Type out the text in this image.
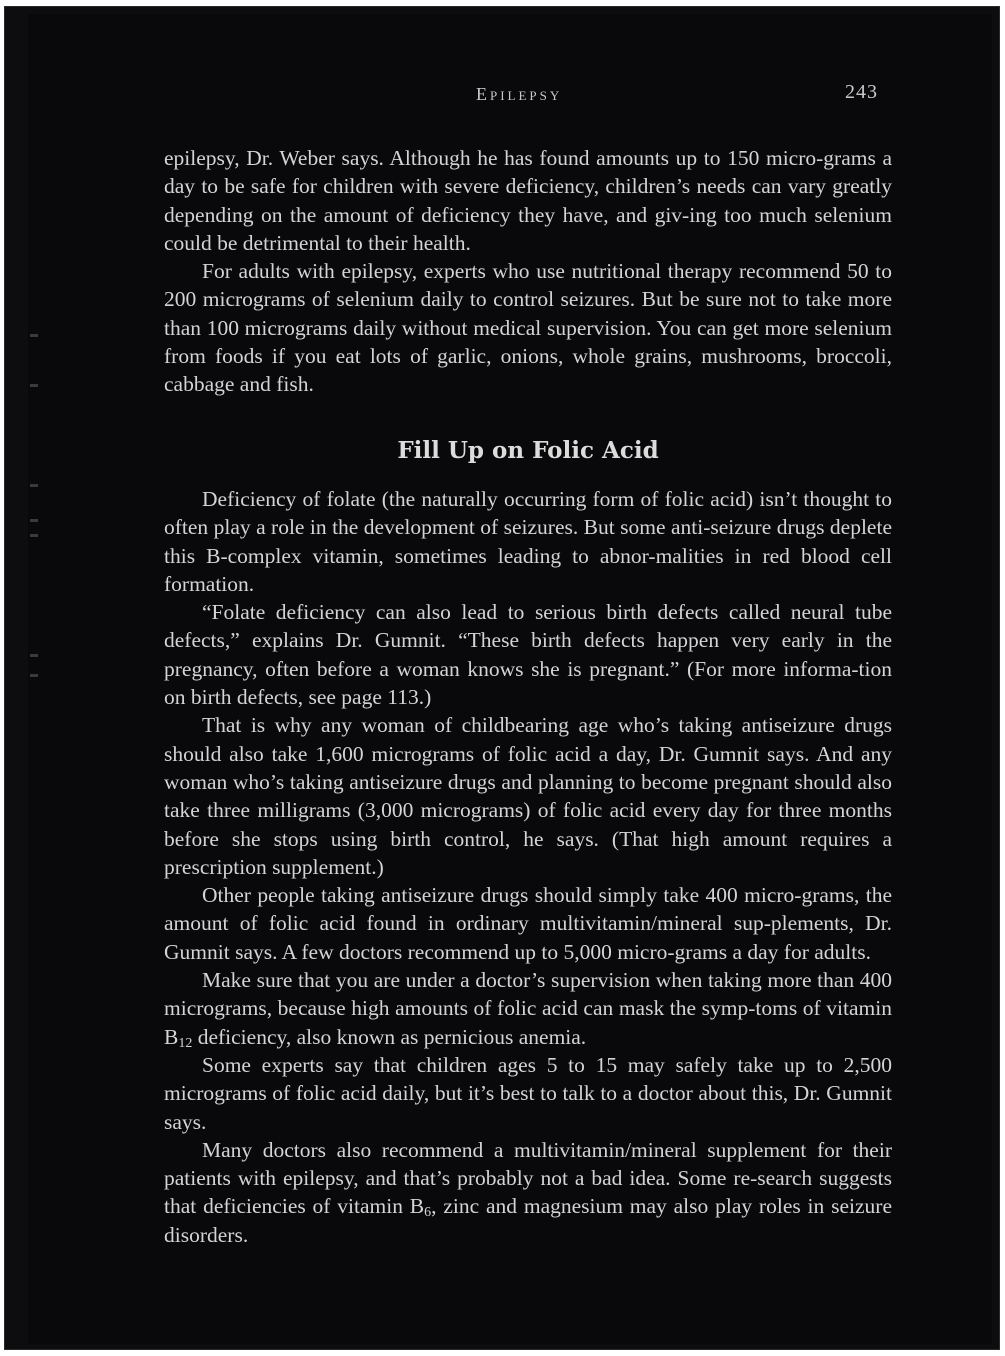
Epilepsy	243

epilepsy, Dr. Weber says. Although he has found amounts up to 150 micro-grams a day to be safe for children with severe deficiency, children’s needs can vary greatly depending on the amount of deficiency they have, and giv-ing too much selenium could be detrimental to their health.

For adults with epilepsy, experts who use nutritional therapy recommend 50 to 200 micrograms of selenium daily to control seizures. But be sure not to take more than 100 micrograms daily without medical supervision. You can get more selenium from foods if you eat lots of garlic, onions, whole grains, mushrooms, broccoli, cabbage and fish.

Fill Up on Folic Acid

Deficiency of folate (the naturally occurring form of folic acid) isn’t thought to often play a role in the development of seizures. But some anti-seizure drugs deplete this B-complex vitamin, sometimes leading to abnor-malities in red blood cell formation.

“Folate deficiency can also lead to serious birth defects called neural tube defects,” explains Dr. Gumnit. “These birth defects happen very early in the pregnancy, often before a woman knows she is pregnant.” (For more informa-tion on birth defects, see page 113.)

That is why any woman of childbearing age who’s taking antiseizure drugs should also take 1,600 micrograms of folic acid a day, Dr. Gumnit says. And any woman who’s taking antiseizure drugs and planning to become pregnant should also take three milligrams (3,000 micrograms) of folic acid every day for three months before she stops using birth control, he says. (That high amount requires a prescription supplement.)

Other people taking antiseizure drugs should simply take 400 micro-grams, the amount of folic acid found in ordinary multivitamin/mineral sup-plements, Dr. Gumnit says. A few doctors recommend up to 5,000 micro-grams a day for adults.

Make sure that you are under a doctor’s supervision when taking more than 400 micrograms, because high amounts of folic acid can mask the symp-toms of vitamin $B_{12}$ deficiency, also known as pernicious anemia.

Some experts say that children ages 5 to 15 may safely take up to 2,500 micrograms of folic acid daily, but it’s best to talk to a doctor about this, Dr. Gumnit says.

Many doctors also recommend a multivitamin/mineral supplement for their patients with epilepsy, and that’s probably not a bad idea. Some re-search suggests that deficiencies of vitamin $B_6$, zinc and magnesium may also play roles in seizure disorders.
